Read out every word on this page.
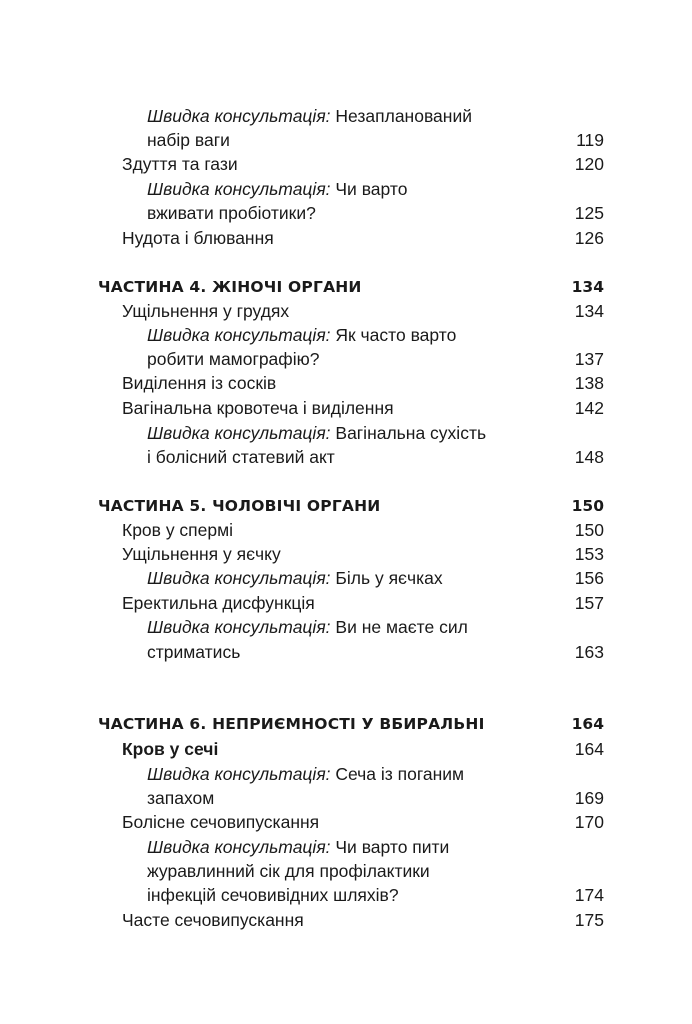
Швидка консультація: Незапланований
набір ваги	119
Здуття та гази	120
Швидка консультація: Чи варто
вживати пробіотики?	125
Нудота і блювання	126
ЧАСТИНА 4. ЖІНОЧІ ОРГАНИ	134
Ущільнення у грудях	134
Швидка консультація: Як часто варто
робити мамографію?	137
Виділення із сосків	138
Вагінальна кровотеча і виділення	142
Швидка консультація: Вагінальна сухість
і болісний статевий акт	148
ЧАСТИНА 5. ЧОЛОВІЧІ ОРГАНИ	150
Кров у спермі	150
Ущільнення у яєчку	153
Швидка консультація: Біль у яєчках	156
Еректильна дисфункція	157
Швидка консультація: Ви не маєте сил
стриматись	163
ЧАСТИНА 6. НЕПРИЄМНОСТІ У ВБИРАЛЬНІ	164
Кров у сечі	164
Швидка консультація: Сеча із поганим
запахом	169
Болісне сечовипускання	170
Швидка консультація: Чи варто пити
журавлинний сік для профілактики
інфекцій сечовивідних шляхів?	174
Часте сечовипускання	175
